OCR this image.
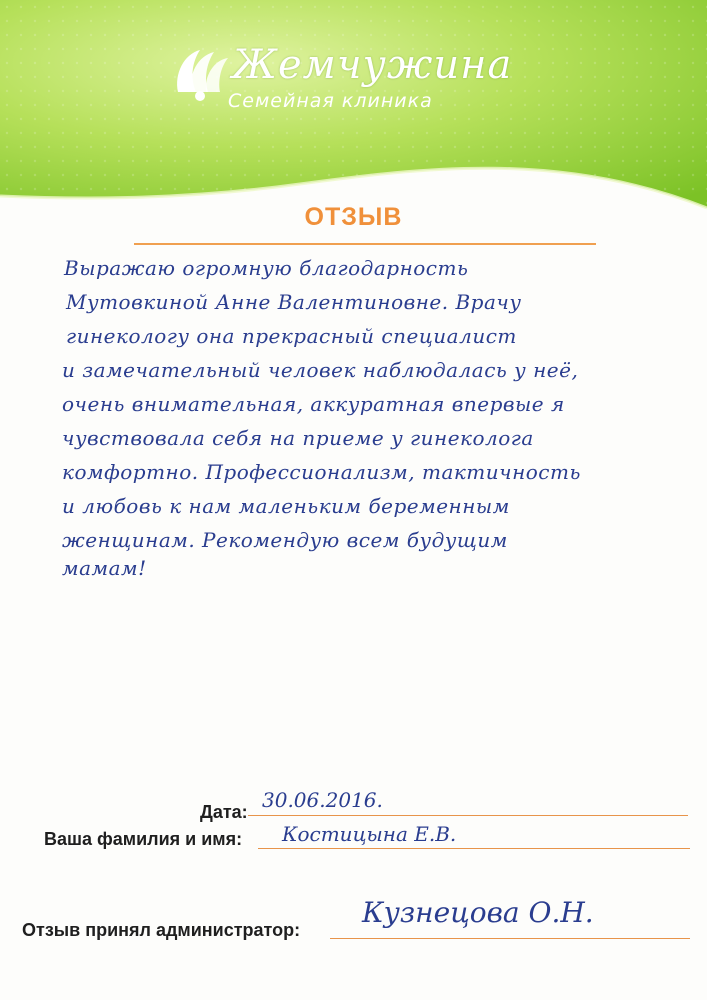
Жемчужина
Семейная клиника
ОТЗЫВ
Выражаю огромную благодарность
Мутовкиной Анне Валентиновне. Врачу
гинекологу она прекрасный специалист
и замечательный человек наблюдалась у неё,
очень внимательная, аккуратная впервые я
чувствовала себя на приеме у гинеколога
комфортно. Профессионализм, тактичность
и любовь к нам маленьким беременным
женщинам. Рекомендую всем будущим
мамам!
Дата: 30.06.2016.
Ваша фамилия и имя: Костицына Е.В.
Отзыв принял администратор:
Кузнецова О.Н.
